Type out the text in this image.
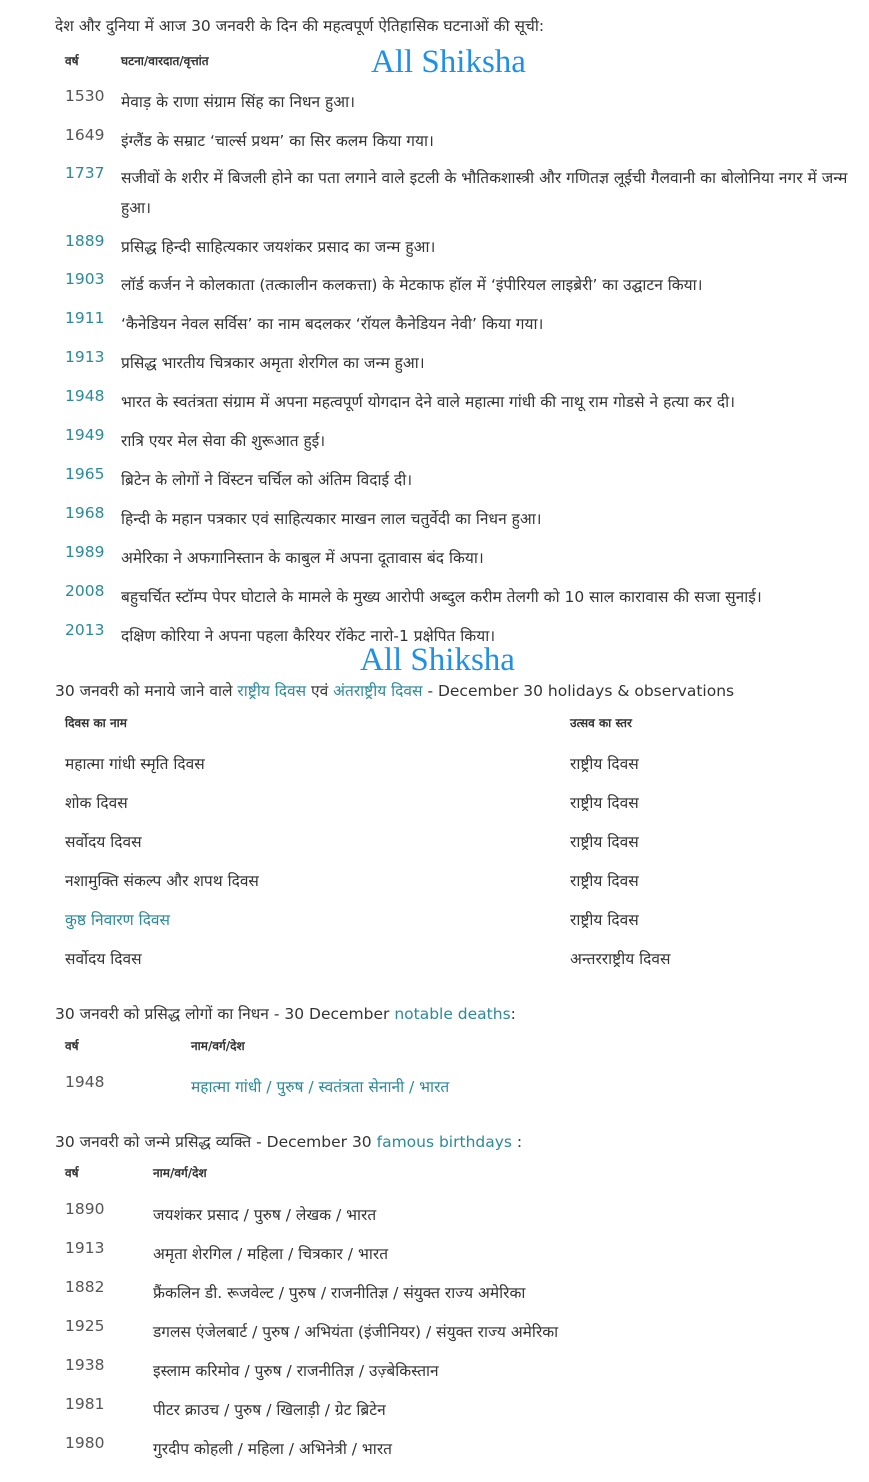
देश और दुनिया में आज 30 जनवरी के दिन की महत्वपूर्ण ऐतिहासिक घटनाओं की सूची:
वर्ष	घटना/वारदात/वृत्तांत	All Shiksha
1530 मेवाड़ के राणा संग्राम सिंह का निधन हुआ।
1649 इंग्लैंड के सम्राट ‘चार्ल्स प्रथम’ का सिर कलम किया गया।
1737 सजीवों के शरीर में बिजली होने का पता लगाने वाले इटली के भौतिकशास्त्री और गणितज्ञ लूईची गैलवानी का बोलोनिया नगर में जन्म हुआ।
1889 प्रसिद्ध हिन्दी साहित्यकार जयशंकर प्रसाद का जन्म हुआ।
1903 लॉर्ड कर्जन ने कोलकाता (तत्कालीन कलकत्ता) के मेटकाफ हॉल में ‘इंपीरियल लाइब्रेरी’ का उद्घाटन किया।
1911 ‘कैनेडियन नेवल सर्विस’ का नाम बदलकर ‘रॉयल कैनेडियन नेवी’ किया गया।
1913 प्रसिद्ध भारतीय चित्रकार अमृता शेरगिल का जन्म हुआ।
1948 भारत के स्वतंत्रता संग्राम में अपना महत्वपूर्ण योगदान देने वाले महात्मा गांधी की नाथू राम गोडसे ने हत्या कर दी।
1949 रात्रि एयर मेल सेवा की शुरूआत हुई।
1965 ब्रिटेन के लोगों ने विंस्टन चर्चिल को अंतिम विदाई दी।
1968 हिन्दी के महान पत्रकार एवं साहित्यकार माखन लाल चतुर्वेदी का निधन हुआ।
1989 अमेरिका ने अफगानिस्तान के काबुल में अपना दूतावास बंद किया।
2008 बहुचर्चित स्टॉम्प पेपर घोटाले के मामले के मुख्य आरोपी अब्दुल करीम तेलगी को 10 साल कारावास की सजा सुनाई।
2013 दक्षिण कोरिया ने अपना पहला कैरियर रॉकेट नारो-1 प्रक्षेपित किया।
All Shiksha
30 जनवरी को मनाये जाने वाले राष्ट्रीय दिवस एवं अंतराष्ट्रीय दिवस - December 30 holidays & observations
दिवस का नाम	उत्सव का स्तर
महात्मा गांधी स्मृति दिवस	राष्ट्रीय दिवस
शोक दिवस	राष्ट्रीय दिवस
सर्वोदय दिवस	राष्ट्रीय दिवस
नशामुक्ति संकल्प और शपथ दिवस	राष्ट्रीय दिवस
कुष्ठ निवारण दिवस	राष्ट्रीय दिवस
सर्वोदय दिवस	अन्तरराष्ट्रीय दिवस
30 जनवरी को प्रसिद्ध लोगों का निधन - 30 December notable deaths:
वर्ष	नाम/वर्ग/देश
1948	महात्मा गांधी / पुरुष / स्वतंत्रता सेनानी / भारत
30 जनवरी को जन्मे प्रसिद्ध व्यक्ति - December 30 famous birthdays :
वर्ष	नाम/वर्ग/देश
1890	जयशंकर प्रसाद / पुरुष / लेखक / भारत
1913	अमृता शेरगिल / महिला / चित्रकार / भारत
1882	फ्रैंकलिन डी. रूजवेल्ट / पुरुष / राजनीतिज्ञ / संयुक्त राज्य अमेरिका
1925	डगलस एंजेलबार्ट / पुरुष / अभियंता (इंजीनियर) / संयुक्त राज्य अमेरिका
1938	इस्लाम करिमोव / पुरुष / राजनीतिज्ञ / उज़्बेकिस्तान
1981	पीटर क्राउच / पुरुष / खिलाड़ी / ग्रेट ब्रिटेन
1980	गुरदीप कोहली / महिला / अभिनेत्री / भारत
